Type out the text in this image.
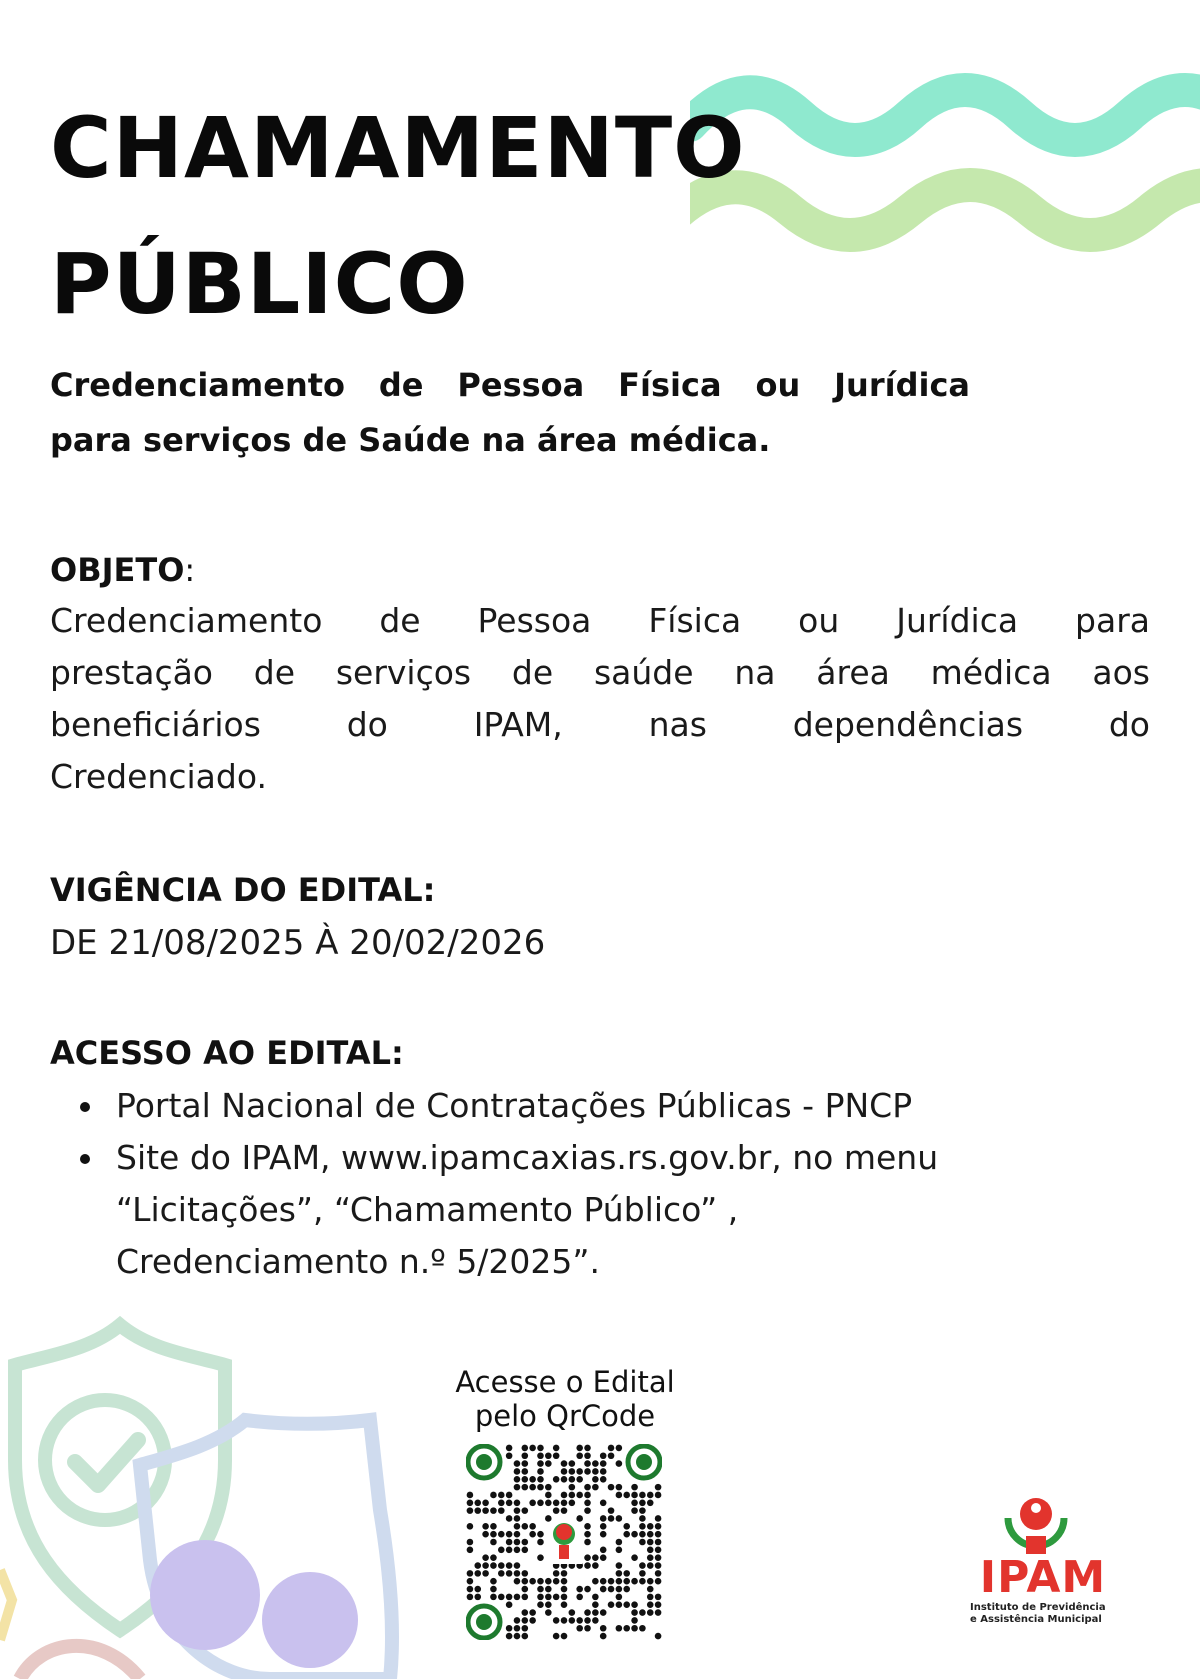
CHAMAMENTO
PÚBLICO

Credenciamento de Pessoa Física ou Jurídica
para serviços de Saúde na área médica.

OBJETO:

Credenciamento de Pessoa Física ou Jurídica para
prestação de serviços de saúde na área médica aos
beneficiários do IPAM, nas dependências do
Credenciado.

VIGÊNCIA DO EDITAL:

DE 21/08/2025 À 20/02/2026

ACESSO AO EDITAL:

Portal Nacional de Contratações Públicas - PNCP
Site do IPAM, www.ipamcaxias.rs.gov.br, no menu
“Licitações”, “Chamamento Público” ,
Credenciamento n.º 5/2025”.

Acesse o Edital
pelo QrCode

IPAM

Instituto de Previdência
e Assistência Municipal
